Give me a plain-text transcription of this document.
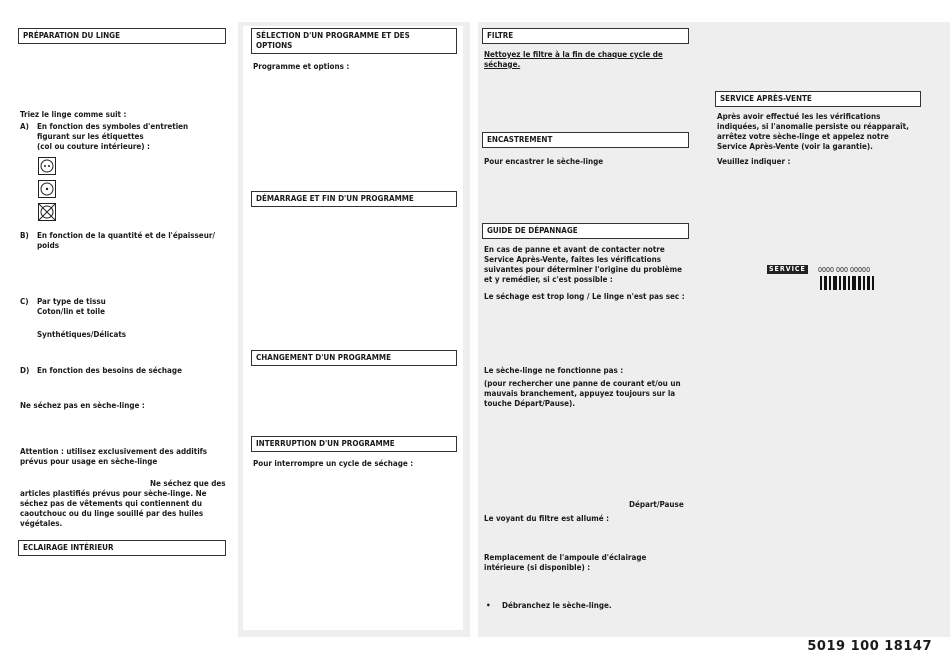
PRÉPARATION DU LINGE
Triez le linge comme suit :
A) En fonction des symboles d'entretien
figurant sur les étiquettes
(col ou couture intérieure) :
B) En fonction de la quantité et de l'épaisseur/
poids
C) Par type de tissu
Coton/lin et toile
Synthétiques/Délicats
D) En fonction des besoins de séchage
Ne séchez pas en sèche-linge :
Attention : utilisez exclusivement des additifs
prévus pour usage en sèche-linge
Ne séchez que des
articles plastifiés prévus pour sèche-linge. Ne
séchez pas de vêtements qui contiennent du
caoutchouc ou du linge souillé par des huiles
végétales.
ECLAIRAGE INTÉRIEUR
SÉLECTION D'UN PROGRAMME ET DES
OPTIONS
Programme et options :
DÉMARRAGE ET FIN D'UN PROGRAMME
CHANGEMENT D'UN PROGRAMME
INTERRUPTION D'UN PROGRAMME
Pour interrompre un cycle de séchage :
FILTRE
Nettoyez le filtre à la fin de chaque cycle de
séchage.
ENCASTREMENT
Pour encastrer le sèche-linge
GUIDE DE DÉPANNAGE
En cas de panne et avant de contacter notre
Service Après-Vente, faites les vérifications
suivantes pour déterminer l'origine du problème
et y remédier, si c'est possible :
Le séchage est trop long / Le linge n'est pas sec :
Le sèche-linge ne fonctionne pas :
(pour rechercher une panne de courant et/ou un
mauvais branchement, appuyez toujours sur la
touche Départ/Pause).
Départ/Pause
Le voyant du filtre est allumé :
Remplacement de l'ampoule d'éclairage
intérieure (si disponible) :
• Débranchez le sèche-linge.
SERVICE APRÈS-VENTE
Après avoir effectué les les vérifications
indiquées, si l'anomalie persiste ou réapparaît,
arrêtez votre sèche-linge et appelez notre
Service Après-Vente (voir la garantie).
Veuillez indiquer :
SERVICE 0000 000 00000
5019 100 18147
